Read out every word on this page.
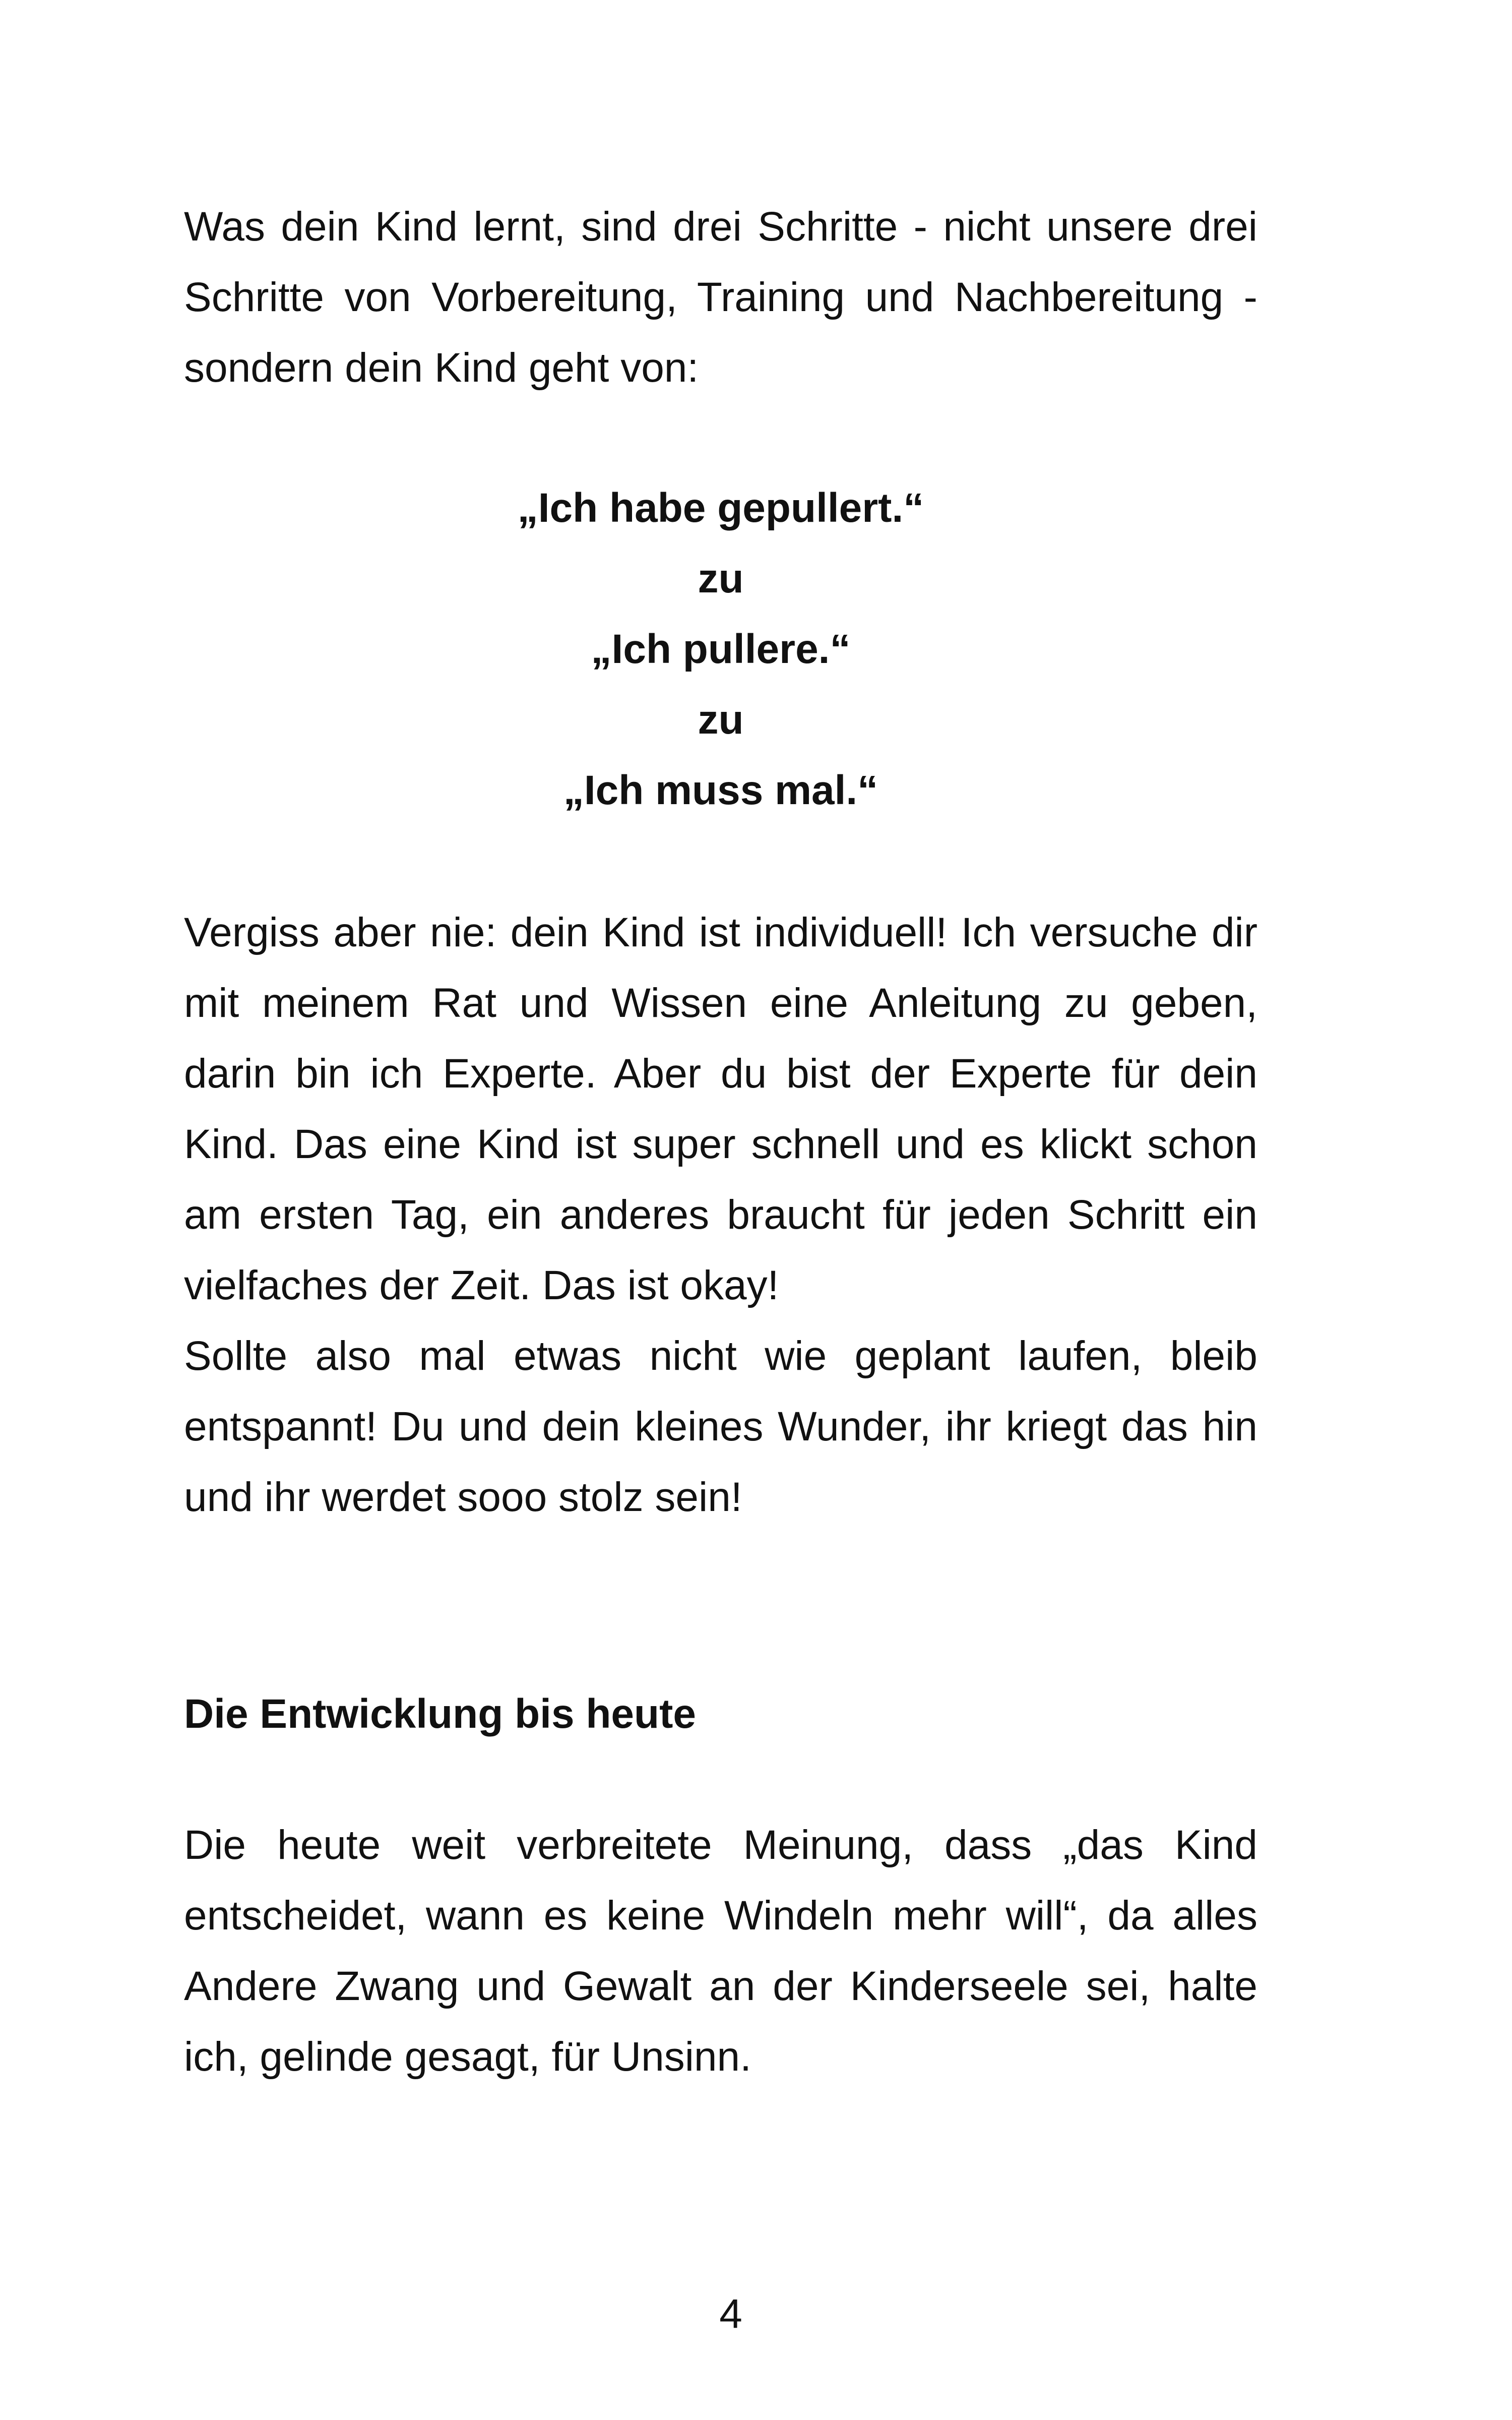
Was dein Kind lernt, sind drei Schritte - nicht unsere drei Schritte von Vorbereitung, Training und Nachbereitung - sondern dein Kind geht von:
„Ich habe gepullert.“
zu
„Ich pullere.“
zu
„Ich muss mal.“
Vergiss aber nie: dein Kind ist individuell! Ich versuche dir mit meinem Rat und Wissen eine Anleitung zu geben, darin bin ich Experte. Aber du bist der Experte für dein Kind. Das eine Kind ist super schnell und es klickt schon am ersten Tag, ein anderes braucht für jeden Schritt ein vielfaches der Zeit. Das ist okay!
Sollte also mal etwas nicht wie geplant laufen, bleib entspannt! Du und dein kleines Wunder, ihr kriegt das hin und ihr werdet sooo stolz sein!
Die Entwicklung bis heute
Die heute weit verbreitete Meinung, dass „das Kind entscheidet, wann es keine Windeln mehr will“, da alles Andere Zwang und Gewalt an der Kinderseele sei, halte ich, gelinde gesagt, für Unsinn.
4
